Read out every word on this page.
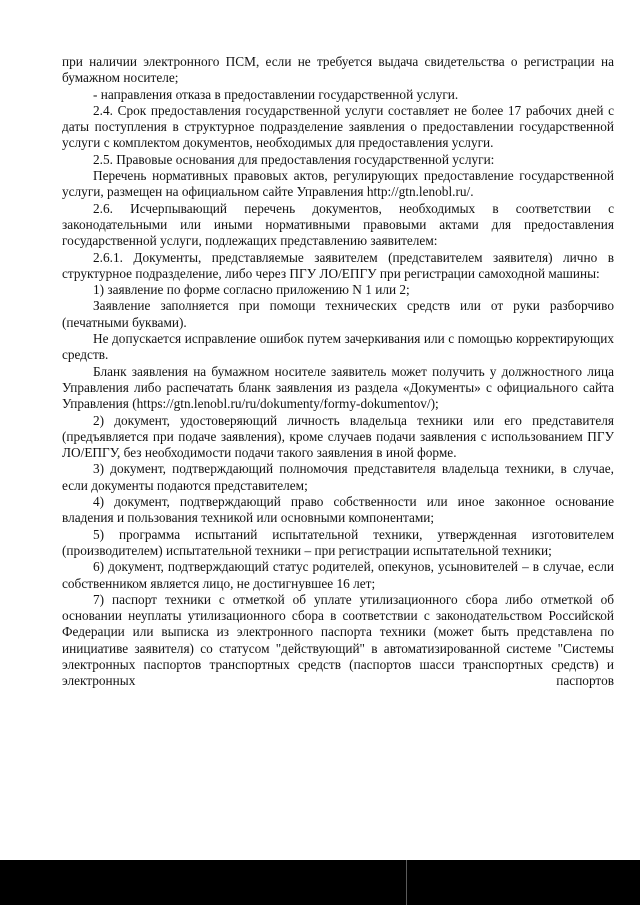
при наличии электронного ПСМ, если не требуется выдача свидетельства о регистрации на бумажном носителе;

- направления отказа в предоставлении государственной услуги.

2.4. Срок предоставления государственной услуги составляет не более 17 рабочих дней с даты поступления в структурное подразделение заявления о предоставлении государственной услуги с комплектом документов, необходимых для предоставления услуги.

2.5. Правовые основания для предоставления государственной услуги:

Перечень нормативных правовых актов, регулирующих предоставление государственной услуги, размещен на официальном сайте Управления http://gtn.lenobl.ru/.

2.6. Исчерпывающий перечень документов, необходимых в соответствии с законодательными или иными нормативными правовыми актами для предоставления государственной услуги, подлежащих представлению заявителем:

2.6.1. Документы, представляемые заявителем (представителем заявителя) лично в структурное подразделение, либо через ПГУ ЛО/ЕПГУ при регистрации самоходной машины:

1) заявление по форме согласно приложению N 1 или 2;

Заявление заполняется при помощи технических средств или от руки разборчиво (печатными буквами).

Не допускается исправление ошибок путем зачеркивания или с помощью корректирующих средств.

Бланк заявления на бумажном носителе заявитель может получить у должностного лица Управления либо распечатать бланк заявления из раздела «Документы» с официального сайта Управления (https://gtn.lenobl.ru/ru/dokumenty/formy-dokumentov/);

2) документ, удостоверяющий личность владельца техники или его представителя (предъявляется при подаче заявления), кроме случаев подачи заявления с использованием ПГУ ЛО/ЕПГУ, без необходимости подачи такого заявления в иной форме.

3) документ, подтверждающий полномочия представителя владельца техники, в случае, если документы подаются представителем;

4) документ, подтверждающий право собственности или иное законное основание владения и пользования техникой или основными компонентами;

5) программа испытаний испытательной техники, утвержденная изготовителем (производителем) испытательной техники – при регистрации испытательной техники;

6) документ, подтверждающий статус родителей, опекунов, усыновителей – в случае, если собственником является лицо, не достигнувшее 16 лет;

7) паспорт техники с отметкой об уплате утилизационного сбора либо отметкой об основании неуплаты утилизационного сбора в соответствии с законодательством Российской Федерации или выписка из электронного паспорта техники (может быть представлена по инициативе заявителя) со статусом "действующий" в автоматизированной системе "Системы электронных паспортов транспортных средств (паспортов шасси транспортных средств) и электронных паспортов
